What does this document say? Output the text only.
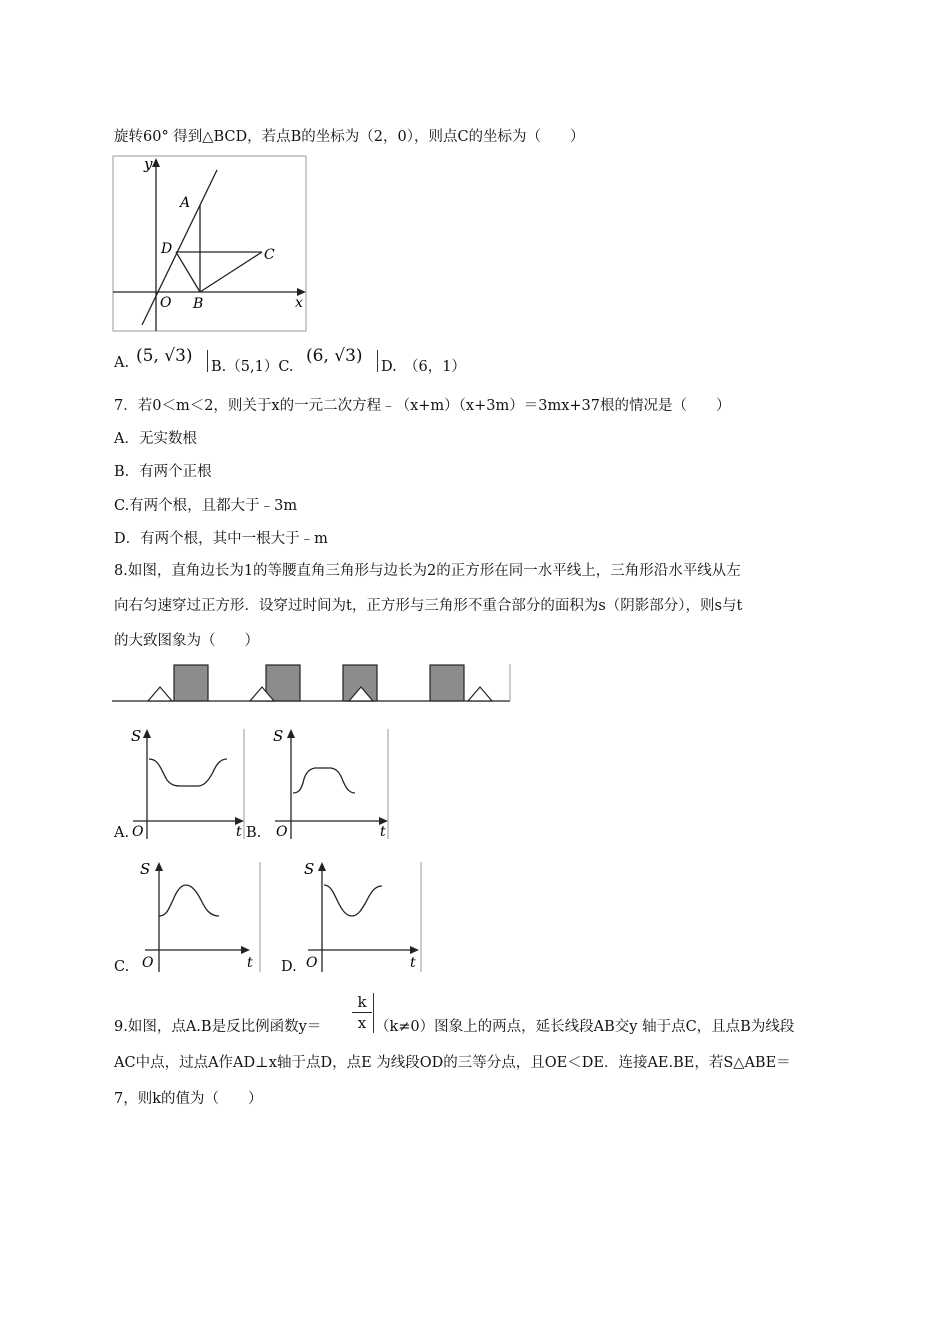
旋转60° 得到△BCD，若点B的坐标为（2，0），则点C的坐标为（　　）
y
A
D	C
O B	x
A. (5, √3)
B.（5,1）C.
(6, √3)
D.　（6，1）
7．若0＜m＜2，则关于x的一元二次方程﹣（x+m）（x+3m）＝3mx+37根的情况是（　　）
A．无实数根
B．有两个正根
C.有两个根，且都大于﹣3m
D．有两个根，其中一根大于﹣m
8.如图，直角边长为1的等腰直角三角形与边长为2的正方形在同一水平线上，三角形沿水平线从左
向右匀速穿过正方形．设穿过时间为t，正方形与三角形不重合部分的面积为s（阴影部分），则s与t
的大致图象为（　　）
S
O	t
A.
S
O	t
B.
S
O	t
C.
S
O	t
D.
k
x
9.如图，点A.B是反比例函数y＝	（k≠0）图象上的两点，延长线段AB交y 轴于点C，且点B为线段
AC中点，过点A作AD⊥x轴于点D，点E 为线段OD的三等分点，且OE＜DE．连接AE.BE，若S△ABE＝
7，则k的值为（　　）
